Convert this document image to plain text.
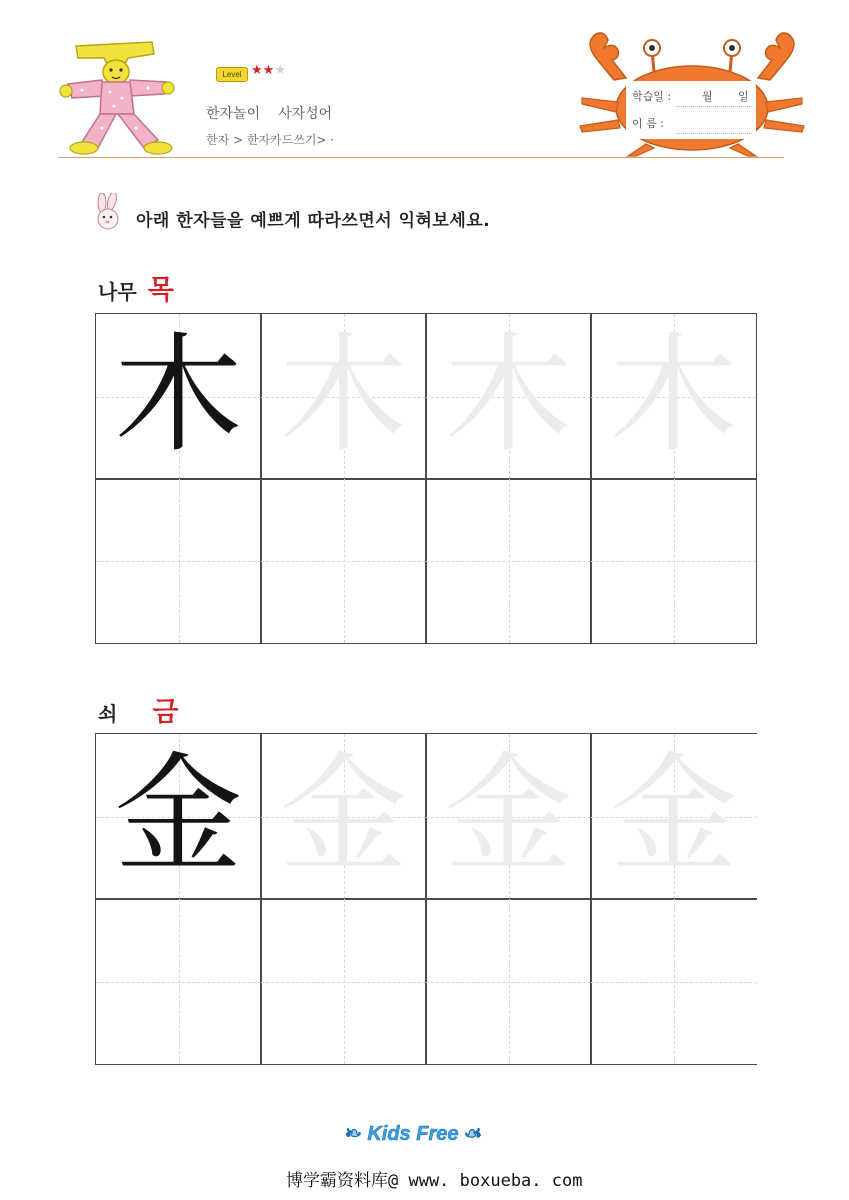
Level ★★★
한자놀이 사자성어
한자 > 한자카드쓰기> ·
학습일 :	월 일
이 름 :
아래 한자들을 예쁘게 따라쓰면서 익혀보세요.
나무 목
木 木 木 木
쇠 금
金 金 金 金
❧ Kids Free ☙
博学霸资料库@ www. boxueba. com
